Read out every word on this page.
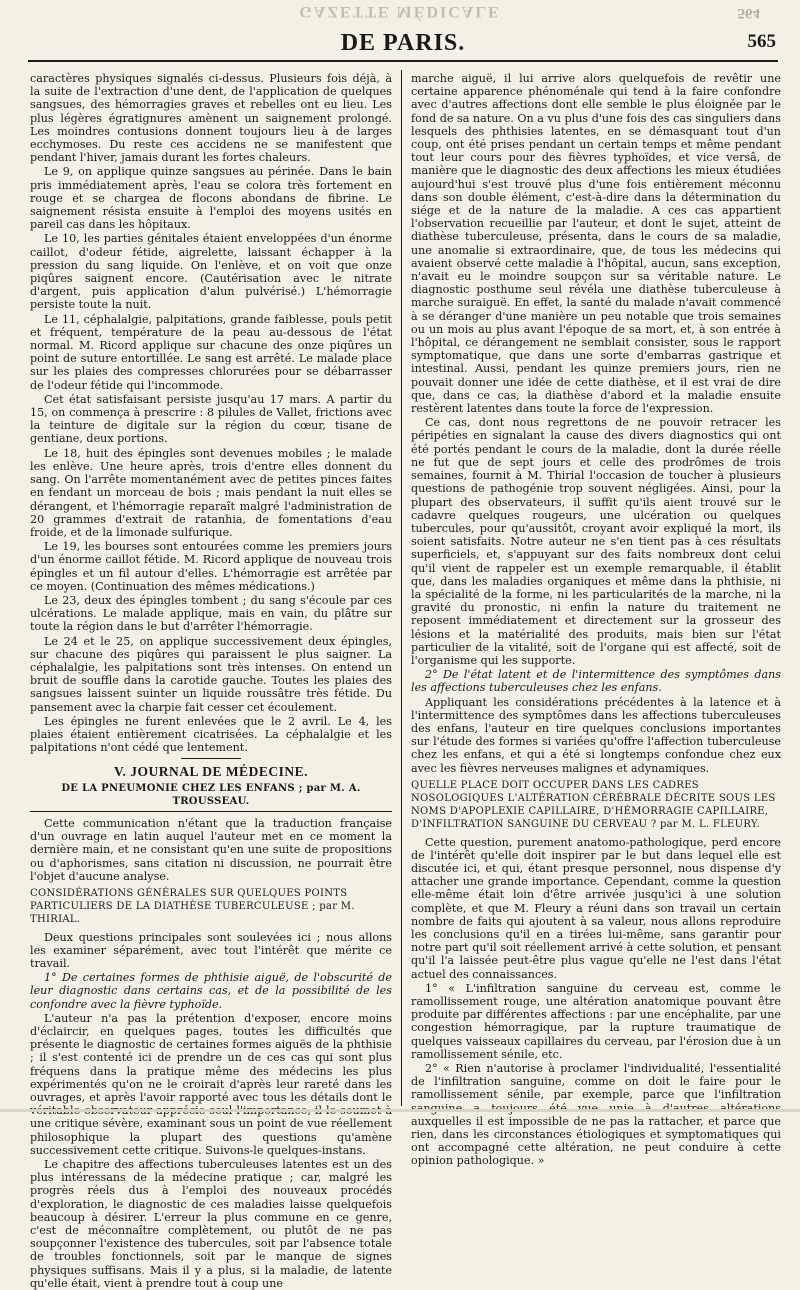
GAZETTE MÉDICALE	564
DE PARIS.	565

caractères physiques signalés ci-dessus. Plusieurs fois déjà, à la suite de l'extraction d'une dent, de l'application de quelques sangsues, des hémorragies graves et rebelles ont eu lieu. Les plus légères égratignures amènent un saignement prolongé. Les moindres contusions donnent toujours lieu à de larges ecchymoses. Du reste ces accidens ne se manifestent que pendant l'hiver, jamais durant les fortes chaleurs.

Le 9, on applique quinze sangsues au périnée. Dans le bain pris immédiatement après, l'eau se colora très fortement en rouge et se chargea de flocons abondans de fibrine. Le saignement résista ensuite à l'emploi des moyens usités en pareil cas dans les hôpitaux.

Le 10, les parties génitales étaient enveloppées d'un énorme caillot, d'odeur fétide, aigrelette, laissant échapper à la pression du sang liquide. On l'enlève, et on voit que onze piqûres saignent encore. (Cautérisation avec le nitrate d'argent, puis application d'alun pulvérisé.) L'hémorragie persiste toute la nuit.

Le 11, céphalalgie, palpitations, grande faiblesse, pouls petit et fréquent, température de la peau au-dessous de l'état normal. M. Ricord applique sur chacune des onze piqûres un point de suture entortillée. Le sang est arrêté. Le malade place sur les plaies des compresses chlorurées pour se débarrasser de l'odeur fétide qui l'incommode.

Cet état satisfaisant persiste jusqu'au 17 mars. A partir du 15, on commença à prescrire : 8 pilules de Vallet, frictions avec la teinture de digitale sur la région du cœur, tisane de gentiane, deux portions.

Le 18, huit des épingles sont devenues mobiles ; le malade les enlève. Une heure après, trois d'entre elles donnent du sang. On l'arrête momentanément avec de petites pinces faites en fendant un morceau de bois ; mais pendant la nuit elles se dérangent, et l'hémorragie reparaît malgré l'administration de 20 grammes d'extrait de ratanhia, de fomentations d'eau froide, et de la limonade sulfurique.

Le 19, les bourses sont entourées comme les premiers jours d'un énorme caillot fétide. M. Ricord applique de nouveau trois épingles et un fil autour d'elles. L'hémorragie est arrêtée par ce moyen. (Continuation des mêmes médications.)

Le 23, deux des épingles tombent ; du sang s'écoule par ces ulcérations. Le malade applique, mais en vain, du plâtre sur toute la région dans le but d'arrêter l'hémorragie.

Le 24 et le 25, on applique successivement deux épingles, sur chacune des piqûres qui paraissent le plus saigner. La céphalalgie, les palpitations sont très intenses. On entend un bruit de souffle dans la carotide gauche. Toutes les plaies des sangsues laissent suinter un liquide roussâtre très fétide. Du pansement avec la charpie fait cesser cet écoulement.

Les épingles ne furent enlevées que le 2 avril. Le 4, les plaies étaient entièrement cicatrisées. La céphalalgie et les palpitations n'ont cédé que lentement.

V. JOURNAL DE MÉDECINE.
DE LA PNEUMONIE CHEZ LES ENFANS ; par M. A. TROUSSEAU.

Cette communication n'étant que la traduction française d'un ouvrage en latin auquel l'auteur met en ce moment la dernière main, et ne consistant qu'en une suite de propositions ou d'aphorismes, sans citation ni discussion, ne pourrait être l'objet d'aucune analyse.

CONSIDÉRATIONS GÉNÉRALES SUR QUELQUES POINTS PARTICULIERS DE LA DIATHÈSE TUBERCULEUSE ; par M. THIRIAL.

Deux questions principales sont soulevées ici ; nous allons les examiner séparément, avec tout l'intérêt que mérite ce travail.

1° De certaines formes de phthisie aiguë, de l'obscurité de leur diagnostic dans certains cas, et de la possibilité de les confondre avec la fièvre typhoïde.

L'auteur n'a pas la prétention d'exposer, encore moins d'éclaircir, en quelques pages, toutes les difficultés que présente le diagnostic de certaines formes aiguës de la phthisie ; il s'est contenté ici de prendre un de ces cas qui sont plus fréquens dans la pratique même des médecins les plus expérimentés qu'on ne le croirait d'après leur rareté dans les ouvrages, et après l'avoir rapporté avec tous les détails dont le une critique sévère, examinant sous un point de vue réellement philosophique la plupart des questions qu'amène successivement cette critique. Suivons-le quelques-instans.

Le chapitre des affections tuberculeuses latentes est un des plus intéressans de la médecine pratique ; car, malgré les progrès réels dus à l'emploi des nouveaux procédés d'exploration, le diagnostic de ces maladies laisse quelquefois beaucoup à désirer. L'erreur la plus commune en ce genre, c'est de méconnaître complètement, ou plutôt de ne pas soupçonner l'existence des tubercules, soit par l'absence totale de troubles fonctionnels, soit par le manque de signes physiques suffisans. Mais il y a plus, si la maladie, de latente qu'elle était, vient à prendre tout à coup une

marche aiguë, il lui arrive alors quelquefois de revêtir une certaine apparence phénoménale qui tend à la faire confondre avec d'autres affections dont elle semble le plus éloignée par le fond de sa nature. On a vu plus d'une fois des cas singuliers dans lesquels des phthisies latentes, en se démasquant tout d'un coup, ont été prises pendant un certain temps et même pendant tout leur cours pour des fièvres typhoïdes, et vice versâ, de manière que le diagnostic des deux affections les mieux étudiées aujourd'hui s'est trouvé plus d'une fois entièrement méconnu dans son double élément, c'est-à-dire dans la détermination du siége et de la nature de la maladie. A ces cas appartient l'observation recueillie par l'auteur, et dont le sujet, atteint de diathèse tuberculeuse, présenta, dans le cours de sa maladie, une anomalie si extraordinaire, que, de tous les médecins qui avaient observé cette maladie à l'hôpital, aucun, sans exception, n'avait eu le moindre soupçon sur sa véritable nature. Le diagnostic posthume seul révéla une diathèse tuberculeuse à marche suraiguë. En effet, la santé du malade n'avait commencé à se déranger d'une manière un peu notable que trois semaines ou un mois au plus avant l'époque de sa mort, et, à son entrée à l'hôpital, ce dérangement ne semblait consister, sous le rapport symptomatique, que dans une sorte d'embarras gastrique et intestinal. Aussi, pendant les quinze premiers jours, rien ne pouvait donner une idée de cette diathèse, et il est vrai de dire que, dans ce cas, la diathèse d'abord et la maladie ensuite restèrent latentes dans toute la force de l'expression.

Ce cas, dont nous regrettons de ne pouvoir retracer les péripéties en signalant la cause des divers diagnostics qui ont été portés pendant le cours de la maladie, dont la durée réelle ne fut que de sept jours et celle des prodrômes de trois semaines, fournit à M. Thirial l'occasion de toucher à plusieurs questions de pathogénie trop souvent négligées. Ainsi, pour la plupart des observateurs, il suffit qu'ils aient trouvé sur le cadavre quelques rougeurs, une ulcération ou quelques tubercules, pour qu'aussitôt, croyant avoir expliqué la mort, ils soient satisfaits. Notre auteur ne s'en tient pas à ces résultats superficiels, et, s'appuyant sur des faits nombreux dont celui qu'il vient de rappeler est un exemple remarquable, il établit que, dans les maladies organiques et même dans la phthisie, ni la spécialité de la forme, ni les particularités de la marche, ni la gravité du pronostic, ni enfin la nature du traitement ne reposent immédiatement et directement sur la grosseur des lésions et la matérialité des produits, mais bien sur l'état particulier de la vitalité, soit de l'organe qui est affecté, soit de l'organisme qui les supporte.

2° De l'état latent et de l'intermittence des symptômes dans les affections tuberculeuses chez les enfans.

Appliquant les considérations précédentes à la latence et à l'intermittence des symptômes dans les affections tuberculeuses des enfans, l'auteur en tire quelques conclusions importantes sur l'étude des formes si variées qu'offre l'affection tuberculeuse chez les enfans, et qui a été si longtemps confondue chez eux avec les fièvres nerveuses malignes et adynamiques.

QUELLE PLACE DOIT OCCUPER DANS LES CADRES NOSOLOGIQUES L'ALTÉRATION CÉRÉBRALE DÉCRITE SOUS LES NOMS D'APOPLEXIE CAPILLAIRE, D'HÉMORRAGIE CAPILLAIRE, D'INFILTRATION SANGUINE DU CERVEAU ? par M. L. FLEURY.

Cette question, purement anatomo-pathologique, perd encore de l'intérêt qu'elle doit inspirer par le but dans lequel elle est discutée ici, et qui, étant presque personnel, nous dispense d'y attacher une grande importance. Cependant, comme la question elle-même était loin d'être arrivée jusqu'ici à une solution complète, et que M. Fleury a réuni dans son travail un certain nombre de faits qui ajoutent à sa valeur, nous allons reproduire les conclusions qu'il en a tirées lui-même, sans garantir pour notre part qu'il soit réellement arrivé à cette solution, et pensant qu'il l'a laissée peut-être plus vague qu'elle ne l'est dans l'état actuel des connaissances.

1° « L'infiltration sanguine du cerveau est, comme le ramollissement rouge, une altération anatomique pouvant être produite par différentes affections : par une encéphalite, par une congestion hémorragique, par la rupture traumatique de quelques vaisseaux capillaires du cerveau, par l'érosion due à un ramollissement sénile, etc.

2° « Rien n'autorise à proclamer l'individualité, l'essentialité de l'infiltration sanguine, comme on doit le faire pour le ramollissement sénile, par exemple, parce que l'infiltration auxquelles il est impossible de ne pas la rattacher, et parce que rien, dans les circonstances étiologiques et symptomatiques qui ont accompagné cette altération, ne peut conduire à cette opinion pathologique. »
